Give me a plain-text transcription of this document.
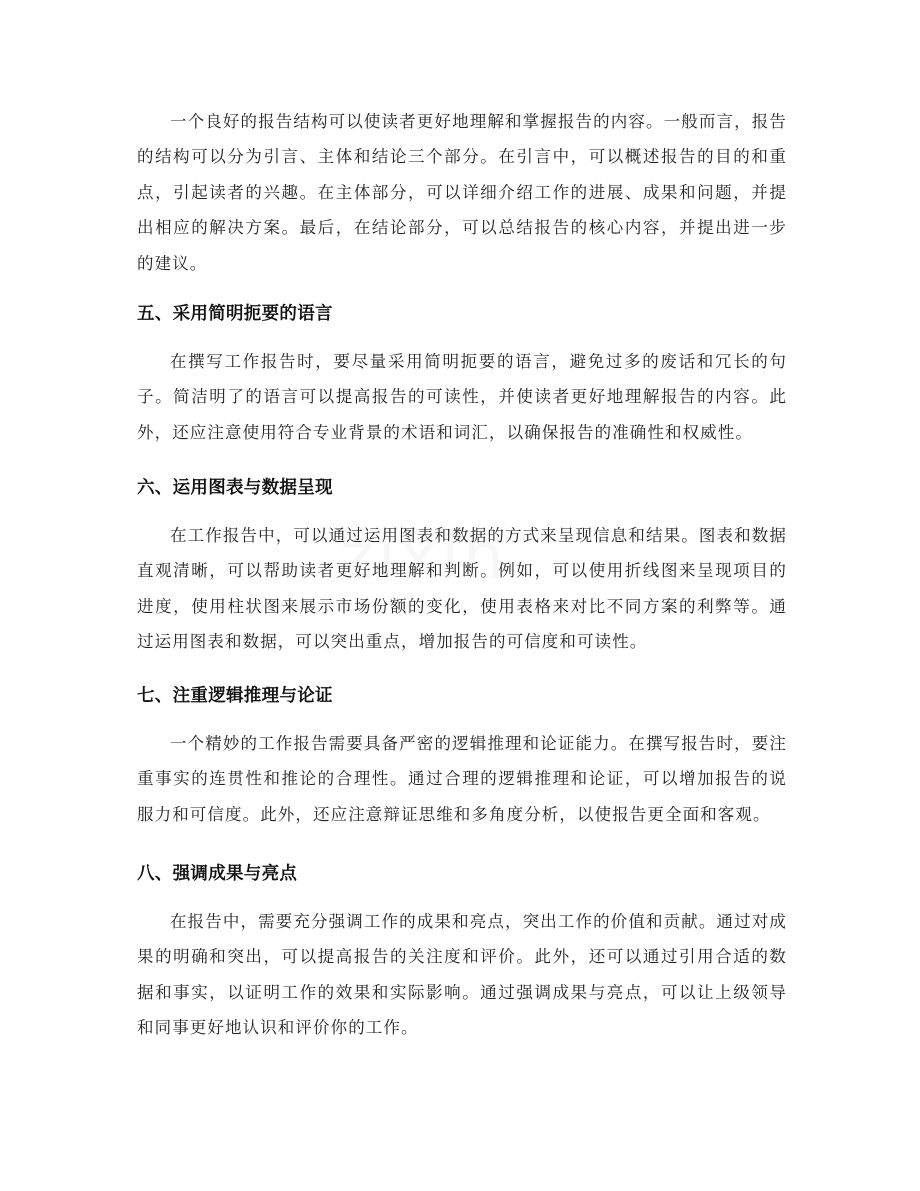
zixin

一个良好的报告结构可以使读者更好地理解和掌握报告的内容。一般而言，报告的结构可以分为引言、主体和结论三个部分。在引言中，可以概述报告的目的和重点，引起读者的兴趣。在主体部分，可以详细介绍工作的进展、成果和问题，并提出相应的解决方案。最后，在结论部分，可以总结报告的核心内容，并提出进一步的建议。

五、采用简明扼要的语言

在撰写工作报告时，要尽量采用简明扼要的语言，避免过多的废话和冗长的句子。简洁明了的语言可以提高报告的可读性，并使读者更好地理解报告的内容。此外，还应注意使用符合专业背景的术语和词汇，以确保报告的准确性和权威性。

六、运用图表与数据呈现

在工作报告中，可以通过运用图表和数据的方式来呈现信息和结果。图表和数据直观清晰，可以帮助读者更好地理解和判断。例如，可以使用折线图来呈现项目的进度，使用柱状图来展示市场份额的变化，使用表格来对比不同方案的利弊等。通过运用图表和数据，可以突出重点，增加报告的可信度和可读性。

七、注重逻辑推理与论证

一个精妙的工作报告需要具备严密的逻辑推理和论证能力。在撰写报告时，要注重事实的连贯性和推论的合理性。通过合理的逻辑推理和论证，可以增加报告的说服力和可信度。此外，还应注意辩证思维和多角度分析，以使报告更全面和客观。

八、强调成果与亮点

在报告中，需要充分强调工作的成果和亮点，突出工作的价值和贡献。通过对成果的明确和突出，可以提高报告的关注度和评价。此外，还可以通过引用合适的数据和事实，以证明工作的效果和实际影响。通过强调成果与亮点，可以让上级领导和同事更好地认识和评价你的工作。
